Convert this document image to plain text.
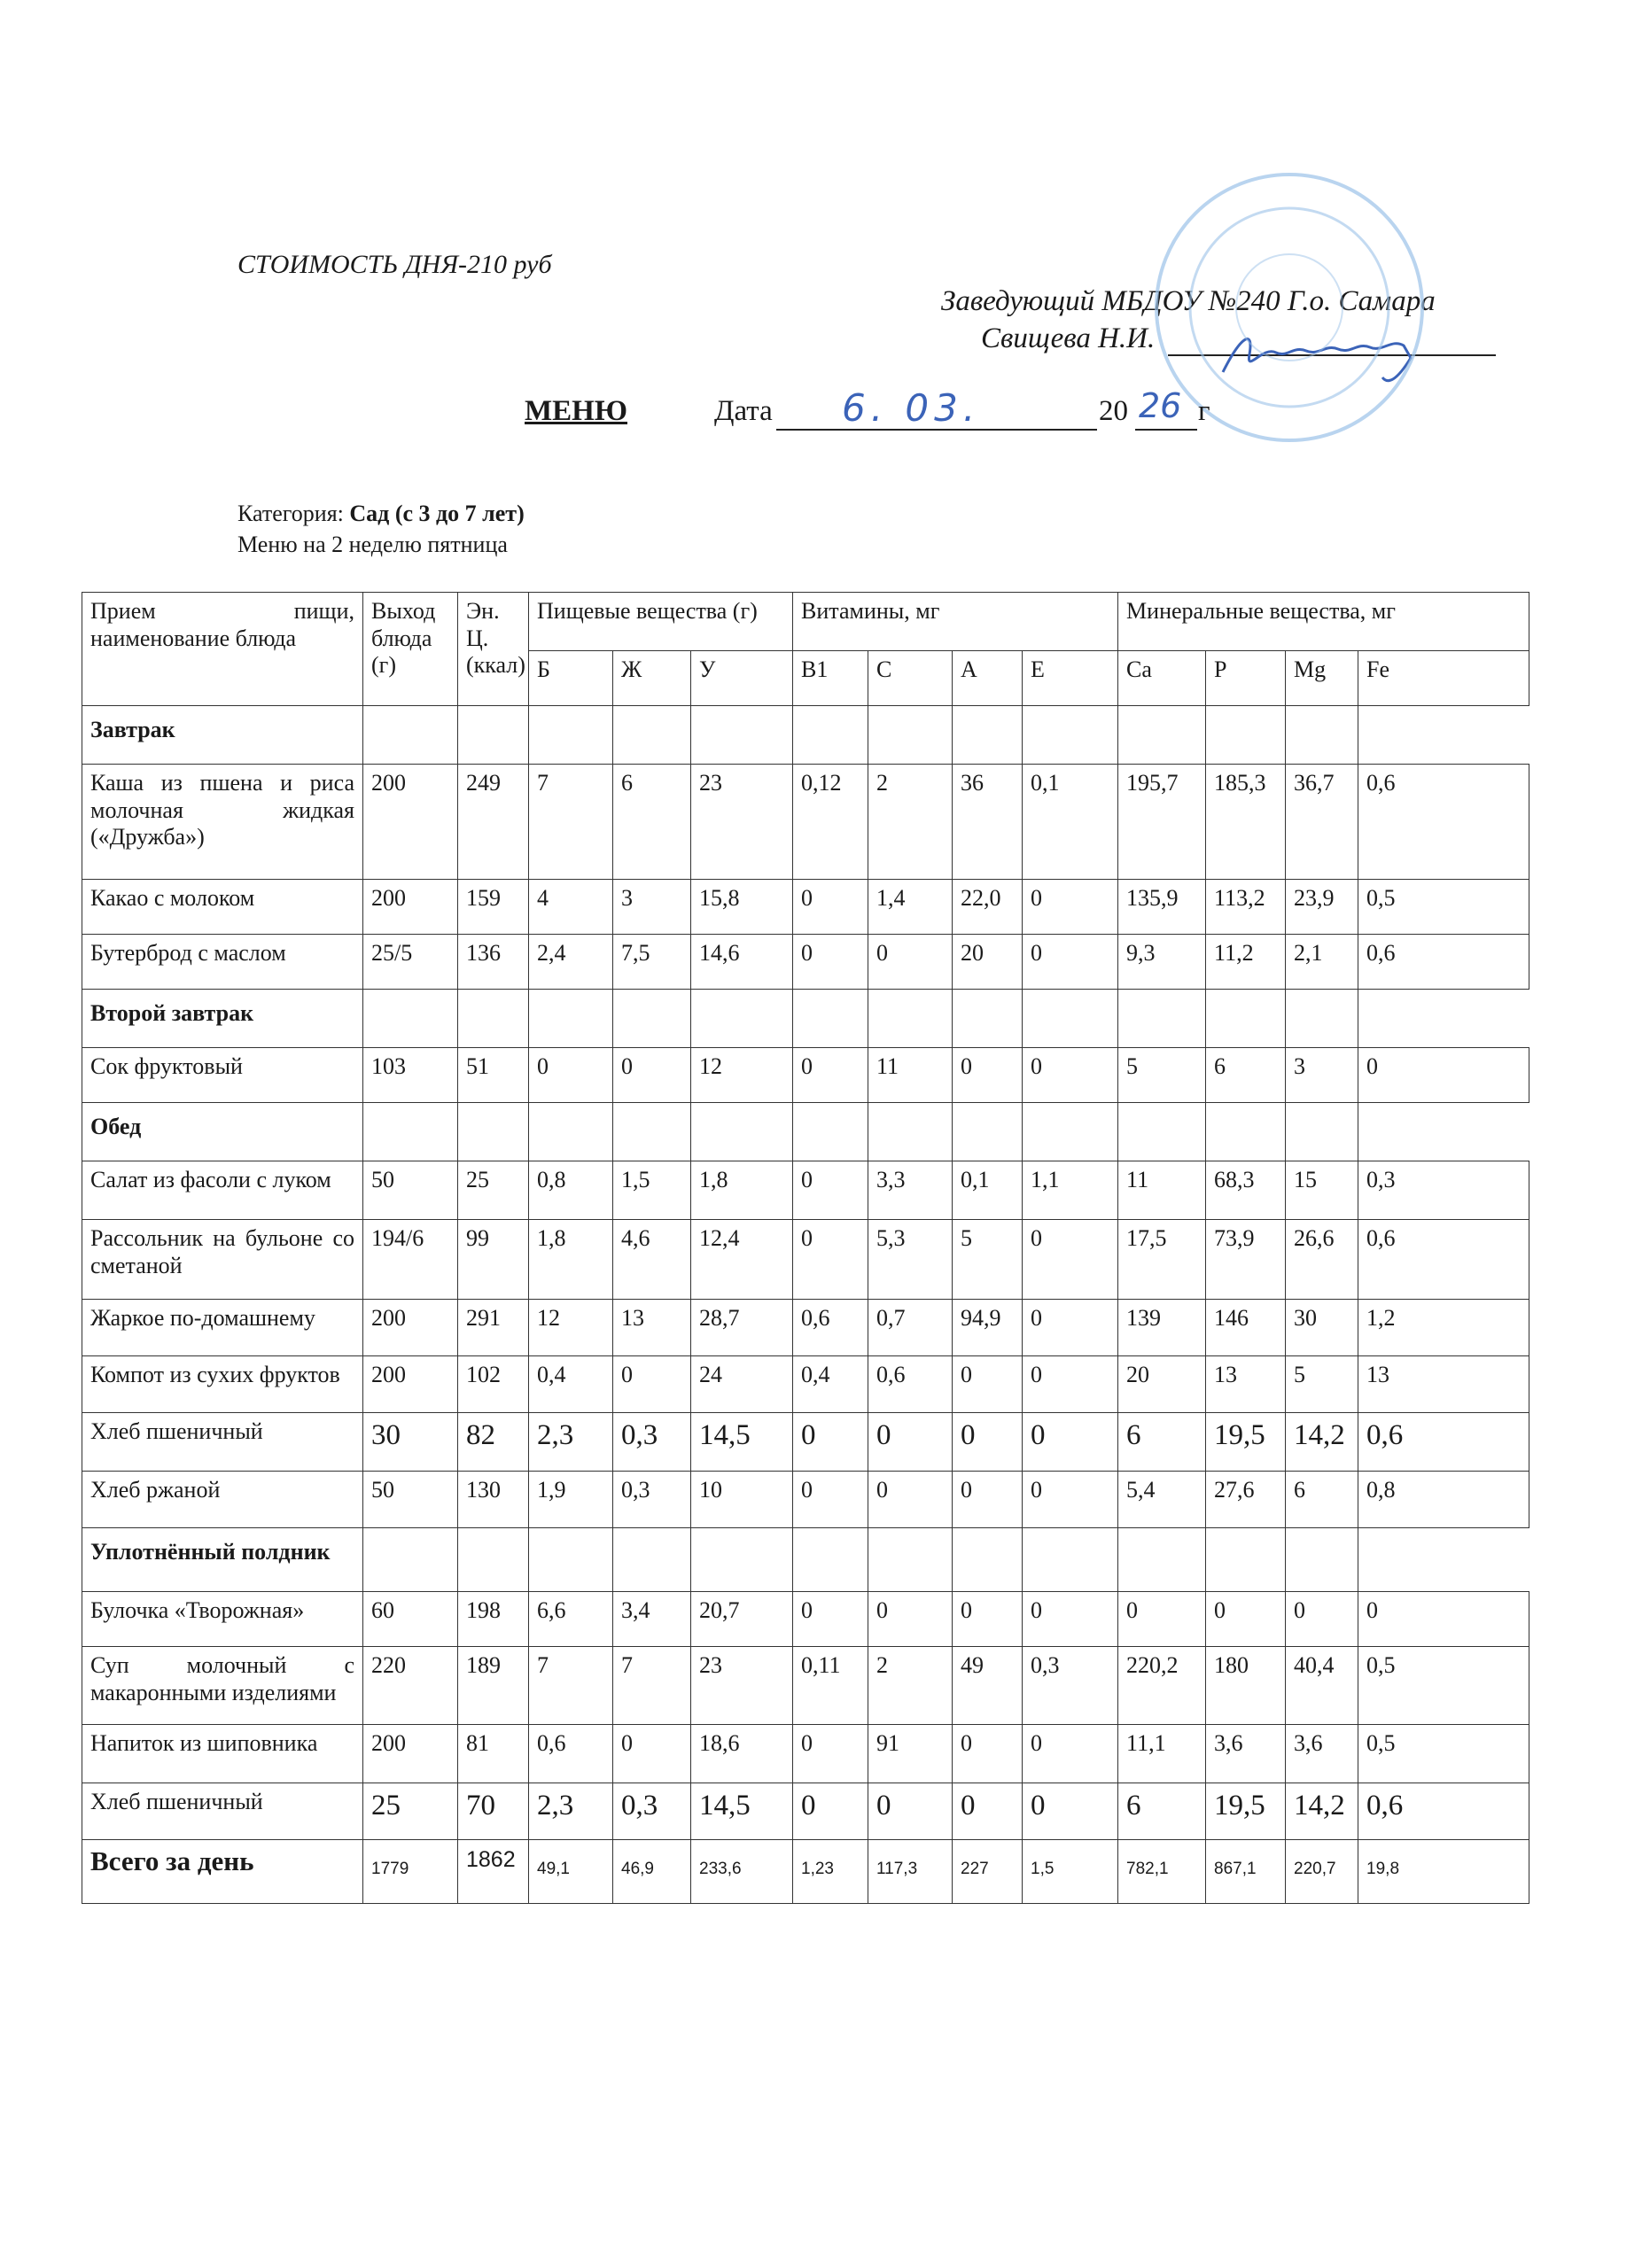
СТОИМОСТЬ ДНЯ-210 руб
Заведующий МБДОУ №240 Г.о. Самара
Свищева Н.И.
МЕНЮ	Дата 6. 03.	20 26 г
Категория: Сад (с 3 до 7 лет)
Меню на 2 неделю пятница
Прием пищи, наименование блюда	Выход блюда (г)	Эн. Ц. (ккал)	Пищевые вещества (г)			Витамины, мг				Минеральные вещества, мг			
			Б	Ж	У	В1	С	А	Е	Са	Р	Mg	Fe
Завтрак													
Каша из пшена и риса молочная жидкая («Дружба»)	200	249	7	6	23	0,12	2	36	0,1	195,7	185,3	36,7	0,6
Какао с молоком	200	159	4	3	15,8	0	1,4	22,0	0	135,9	113,2	23,9	0,5
Бутерброд с маслом	25/5	136	2,4	7,5	14,6	0	0	20	0	9,3	11,2	2,1	0,6
Второй завтрак													
Сок фруктовый	103	51	0	0	12	0	11	0	0	5	6	3	0
Обед													
Салат из фасоли с луком	50	25	0,8	1,5	1,8	0	3,3	0,1	1,1	11	68,3	15	0,3
Рассольник на бульоне со сметаной	194/6	99	1,8	4,6	12,4	0	5,3	5	0	17,5	73,9	26,6	0,6
Жаркое по-домашнему	200	291	12	13	28,7	0,6	0,7	94,9	0	139	146	30	1,2
Компот из сухих фруктов	200	102	0,4	0	24	0,4	0,6	0	0	20	13	5	13
Хлеб пшеничный	30	82	2,3	0,3	14,5	0	0	0	0	6	19,5	14,2	0,6
Хлеб ржаной	50	130	1,9	0,3	10	0	0	0	0	5,4	27,6	6	0,8
Уплотнённый полдник													
Булочка «Творожная»	60	198	6,6	3,4	20,7	0	0	0	0	0	0	0	0
Суп молочный с макаронными изделиями	220	189	7	7	23	0,11	2	49	0,3	220,2	180	40,4	0,5
Напиток из шиповника	200	81	0,6	0	18,6	0	91	0	0	11,1	3,6	3,6	0,5
Хлеб пшеничный	25	70	2,3	0,3	14,5	0	0	0	0	6	19,5	14,2	0,6
Всего за день	1779	1862	49,1	46,9	233,6	1,23	117,3	227	1,5	782,1	867,1	220,7	19,8
